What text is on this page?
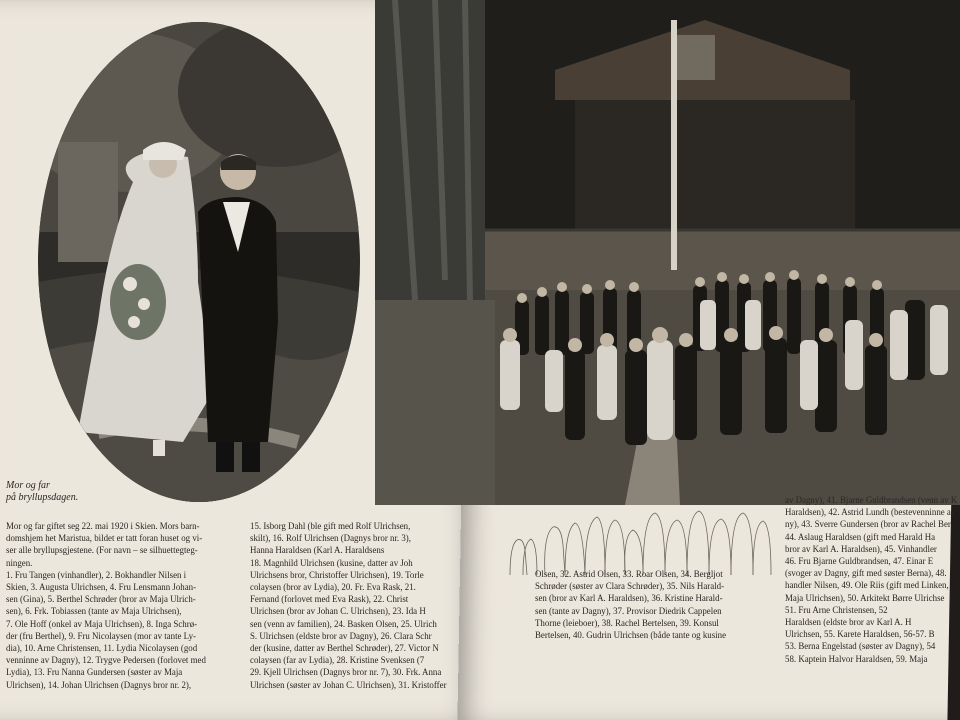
Mor og far
på bryllupsdagen.
Mor og far giftet seg 22. mai 1920 i Skien. Mors barn-
domshjem het Maristua, bildet er tatt foran huset og vi-
ser alle bryllupsgjestene. (For navn – se silhuettegteg-
ningen.
1. Fru Tangen (vinhandler), 2. Bokhandler Nilsen i
Skien, 3. Augusta Ulrichsen, 4. Fru Lensmann Johan-
sen (Gina), 5. Berthel Schrøder (bror av Maja Ulrich-
sen), 6. Frk. Tobiassen (tante av Maja Ulrichsen),
7. Ole Hoff (onkel av Maja Ulrichsen), 8. Inga Schrø-
der (fru Berthel), 9. Fru Nicolaysen (mor av tante Ly-
dia), 10. Arne Christensen, 11. Lydia Nicolaysen (god
venninne av Dagny), 12. Trygve Pedersen (forlovet med
Lydia), 13. Fru Nanna Gundersen (søster av Maja
Ulrichsen), 14. Johan Ulrichsen (Dagnys bror nr. 2),
15. Isborg Dahl (ble gift med Rolf Ulrichsen,
skilt), 16. Rolf Ulrichsen (Dagnys bror nr. 3),
Hanna Haraldsen (Karl A. Haraldsens
18. Magnhild Ulrichsen (kusine, datter av Joh
Ulrichsens bror, Christoffer Ulrichsen), 19. Torle
colaysen (bror av Lydia), 20. Fr. Eva Rask, 21.
Fernand (forlovet med Eva Rask), 22. Christ
Ulrichsen (bror av Johan C. Ulrichsen), 23. Ida H
sen (venn av familien), 24. Basken Olsen, 25. Ulrich
S. Ulrichsen (eldste bror av Dagny), 26. Clara Schr
der (kusine, datter av Berthel Schrøder), 27. Victor N
colaysen (far av Lydia), 28. Kristine Svenksen (7
29. Kjell Ulrichsen (Dagnys bror nr. 7), 30. Frk. Anna
Ulrichsen (søster av Johan C. Ulrichsen), 31. Kristoffer
Olsen, 32. Astrid Olsen, 33. Roar Olsen, 34. Bergljot
Schrøder (søster av Clara Schrøder), 35. Nils Harald-
sen (bror av Karl A. Haraldsen), 36. Kristine Harald-
sen (tante av Dagny), 37. Provisor Diedrik Cappelen
Thorne (leieboer), 38. Rachel Bertelsen, 39. Konsul
Bertelsen, 40. Gudrin Ulrichsen (både tante og kusine
av Dagny), 41. Bjarne Guldbrandsen (venn av K
Haraldsen), 42. Astrid Lundh (bestevenninne av
ny), 43. Sverre Gundersen (bror av Rachel Ber
44. Aslaug Haraldsen (gift med Harald Ha
bror av Karl A. Haraldsen), 45. Vinhandler
46. Fru Bjarne Guldbrandsen, 47. Einar E
(svoger av Dagny, gift med søster Berna), 48.
handler Nilsen, 49. Ole Riis (gift med Linken,
Maja Ulrichsen), 50. Arkitekt Børre Ulrichse
51. Fru Arne Christensen, 52
Haraldsen (eldste bror av Karl A. H
Ulrichsen, 55. Karete Haraldsen, 56-57. B
53. Berna Engelstad (søster av Dagny), 54
58. Kaptein Halvor Haraldsen, 59. Maja
